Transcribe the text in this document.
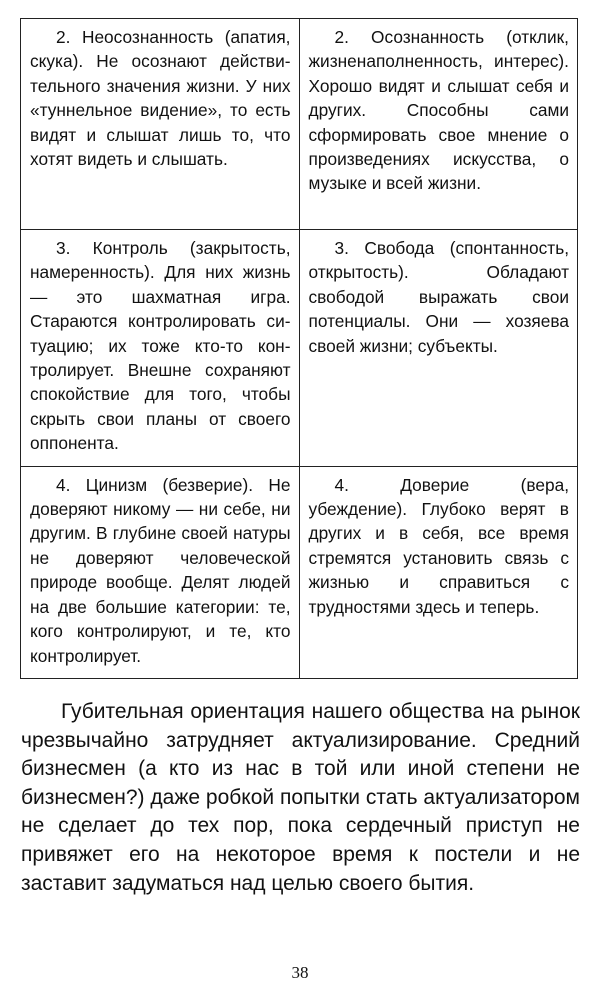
2. Неосознанность (апатия, скука). Не осознают действительного значения жизни. У них «туннельное видение», то есть видят и слышат лишь то, что хотят видеть и слышать.	2. Осознанность (отклик, жизненаполненность, интерес). Хорошо видят и слышат себя и других. Способны сами сформировать свое мнение о произведениях искусства, о музыке и всей жизни.

3. Контроль (закрытость, намеренность). Для них жизнь — это шахматная игра. Стараются контролировать ситуацию; их тоже кто-то контролирует. Внешне сохраняют спокойствие для того, чтобы скрыть свои планы от своего оппонента.	3. Свобода (спонтанность, открытость). Обладают свободой выражать свои потенциалы. Они — хозяева своей жизни; субъекты.

4. Цинизм (безверие). Не доверяют никому — ни себе, ни другим. В глубине своей натуры не доверяют человеческой природе вообще. Делят людей на две большие категории: те, кого контролируют, и те, кто контролирует.	4. Доверие (вера, убеждение). Глубоко верят в других и в себя, все время стремятся установить связь с жизнью и справиться с трудностями здесь и теперь.

Губительная ориентация нашего общества на рынок чрезвычайно затрудняет актуализирование. Средний бизнесмен (а кто из нас в той или иной степени не бизнесмен?) даже робкой попытки стать актуализатором не сделает до тех пор, пока сердечный приступ не привяжет его на некоторое время к постели и не заставит задуматься над целью своего бытия.

38
